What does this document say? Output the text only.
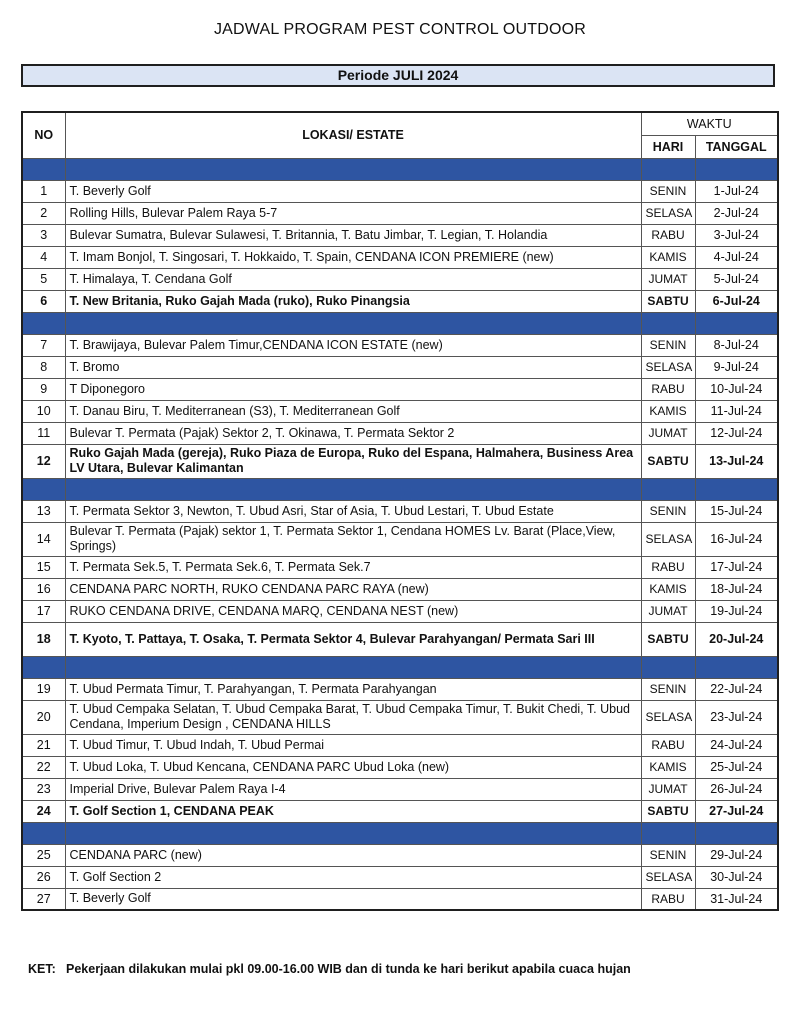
JADWAL PROGRAM PEST CONTROL OUTDOOR
Periode JULI 2024
NO	LOKASI/ ESTATE	WAKTU	
		HARI	TANGGAL

1	T. Beverly Golf	SENIN	1-Jul-24
2	Rolling Hills, Bulevar Palem Raya 5-7	SELASA	2-Jul-24
3	Bulevar Sumatra, Bulevar Sulawesi, T. Britannia, T. Batu Jimbar, T. Legian, T. Holandia	RABU	3-Jul-24
4	T. Imam Bonjol, T. Singosari, T. Hokkaido, T. Spain, CENDANA ICON PREMIERE (new)	KAMIS	4-Jul-24
5	T. Himalaya, T. Cendana Golf	JUMAT	5-Jul-24
6	T. New Britania, Ruko Gajah Mada (ruko), Ruko Pinangsia	SABTU	6-Jul-24

7	T. Brawijaya, Bulevar Palem Timur,CENDANA ICON ESTATE (new)	SENIN	8-Jul-24
8	T. Bromo	SELASA	9-Jul-24
9	T Diponegoro	RABU	10-Jul-24
10	T. Danau Biru, T. Mediterranean (S3), T. Mediterranean Golf	KAMIS	11-Jul-24
11	Bulevar T. Permata (Pajak) Sektor 2, T. Okinawa, T. Permata Sektor 2	JUMAT	12-Jul-24
12	Ruko Gajah Mada (gereja), Ruko Piaza de Europa, Ruko del Espana, Halmahera, Business Area LV Utara, Bulevar Kalimantan	SABTU	13-Jul-24

13	T. Permata Sektor 3, Newton, T. Ubud Asri, Star of Asia, T. Ubud Lestari, T. Ubud Estate	SENIN	15-Jul-24
14	Bulevar T. Permata (Pajak) sektor 1, T. Permata Sektor 1, Cendana HOMES Lv. Barat (Place,View, Springs)	SELASA	16-Jul-24
15	T. Permata Sek.5, T. Permata Sek.6, T. Permata Sek.7	RABU	17-Jul-24
16	CENDANA PARC NORTH, RUKO CENDANA PARC RAYA (new)	KAMIS	18-Jul-24
17	RUKO CENDANA DRIVE, CENDANA MARQ, CENDANA NEST (new)	JUMAT	19-Jul-24
18	T. Kyoto, T. Pattaya, T. Osaka, T. Permata Sektor 4, Bulevar Parahyangan/ Permata Sari III	SABTU	20-Jul-24

19	T. Ubud Permata Timur, T. Parahyangan, T. Permata Parahyangan	SENIN	22-Jul-24
20	T. Ubud Cempaka Selatan, T. Ubud Cempaka Barat, T. Ubud Cempaka Timur, T. Bukit Chedi, T. Ubud Cendana, Imperium Design , CENDANA HILLS	SELASA	23-Jul-24
21	T. Ubud Timur, T. Ubud Indah, T. Ubud Permai	RABU	24-Jul-24
22	T. Ubud Loka, T. Ubud Kencana, CENDANA PARC Ubud Loka (new)	KAMIS	25-Jul-24
23	Imperial Drive, Bulevar Palem Raya I-4	JUMAT	26-Jul-24
24	T. Golf Section 1, CENDANA PEAK	SABTU	27-Jul-24

25	CENDANA PARC (new)	SENIN	29-Jul-24
26	T. Golf Section 2	SELASA	30-Jul-24
27	T. Beverly Golf	RABU	31-Jul-24
KET: Pekerjaan dilakukan mulai pkl 09.00-16.00 WIB dan di tunda ke hari berikut apabila cuaca hujan
